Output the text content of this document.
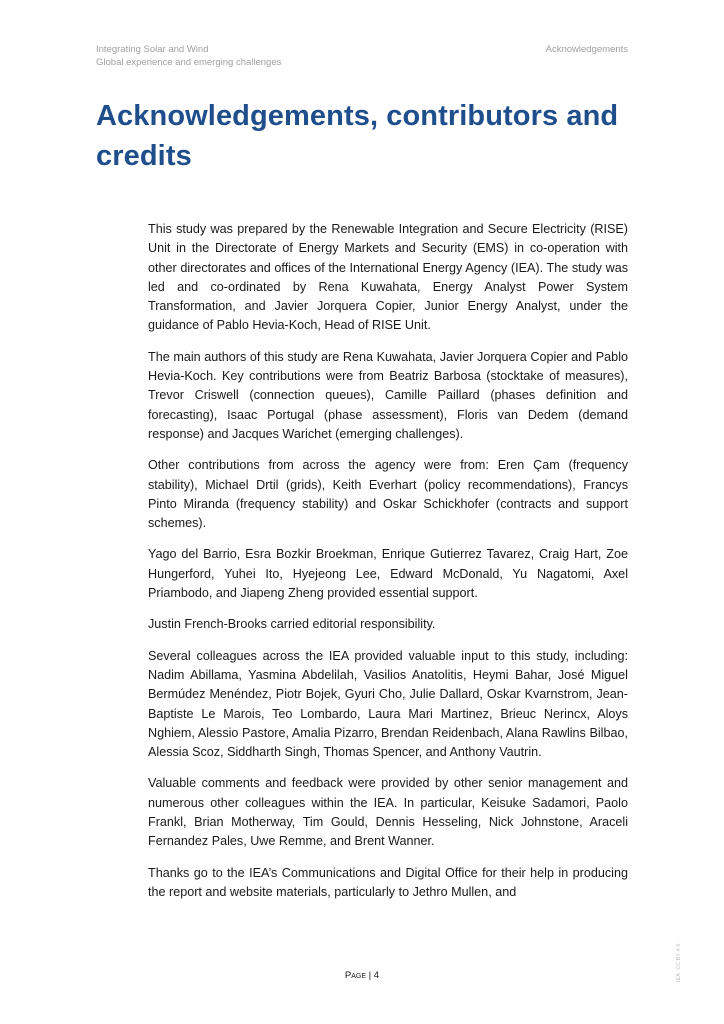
Integrating Solar and Wind
Global experience and emerging challenges
Acknowledgements
Acknowledgements, contributors and credits

This study was prepared by the Renewable Integration and Secure Electricity (RISE) Unit in the Directorate of Energy Markets and Security (EMS) in co-operation with other directorates and offices of the International Energy Agency (IEA). The study was led and co-ordinated by Rena Kuwahata, Energy Analyst Power System Transformation, and Javier Jorquera Copier, Junior Energy Analyst, under the guidance of Pablo Hevia-Koch, Head of RISE Unit.

The main authors of this study are Rena Kuwahata, Javier Jorquera Copier and Pablo Hevia-Koch. Key contributions were from Beatriz Barbosa (stocktake of measures), Trevor Criswell (connection queues), Camille Paillard (phases definition and forecasting), Isaac Portugal (phase assessment), Floris van Dedem (demand response) and Jacques Warichet (emerging challenges).

Other contributions from across the agency were from: Eren Çam (frequency stability), Michael Drtil (grids), Keith Everhart (policy recommendations), Francys Pinto Miranda (frequency stability) and Oskar Schickhofer (contracts and support schemes).

Yago del Barrio, Esra Bozkir Broekman, Enrique Gutierrez Tavarez, Craig Hart, Zoe Hungerford, Yuhei Ito, Hyejeong Lee, Edward McDonald, Yu Nagatomi, Axel Priambodo, and Jiapeng Zheng provided essential support.

Justin French-Brooks carried editorial responsibility.

Several colleagues across the IEA provided valuable input to this study, including: Nadim Abillama, Yasmina Abdelilah, Vasilios Anatolitis, Heymi Bahar, José Miguel Bermúdez Menéndez, Piotr Bojek, Gyuri Cho, Julie Dallard, Oskar Kvarnstrom, Jean-Baptiste Le Marois, Teo Lombardo, Laura Mari Martinez, Brieuc Nerincx, Aloys Nghiem, Alessio Pastore, Amalia Pizarro, Brendan Reidenbach, Alana Rawlins Bilbao, Alessia Scoz, Siddharth Singh, Thomas Spencer, and Anthony Vautrin.

Valuable comments and feedback were provided by other senior management and numerous other colleagues within the IEA. In particular, Keisuke Sadamori, Paolo Frankl, Brian Motherway, Tim Gould, Dennis Hesseling, Nick Johnstone, Araceli Fernandez Pales, Uwe Remme, and Brent Wanner.

Thanks go to the IEA’s Communications and Digital Office for their help in producing the report and website materials, particularly to Jethro Mullen, and

Page | 4	IEA. CC BY 4.0.
